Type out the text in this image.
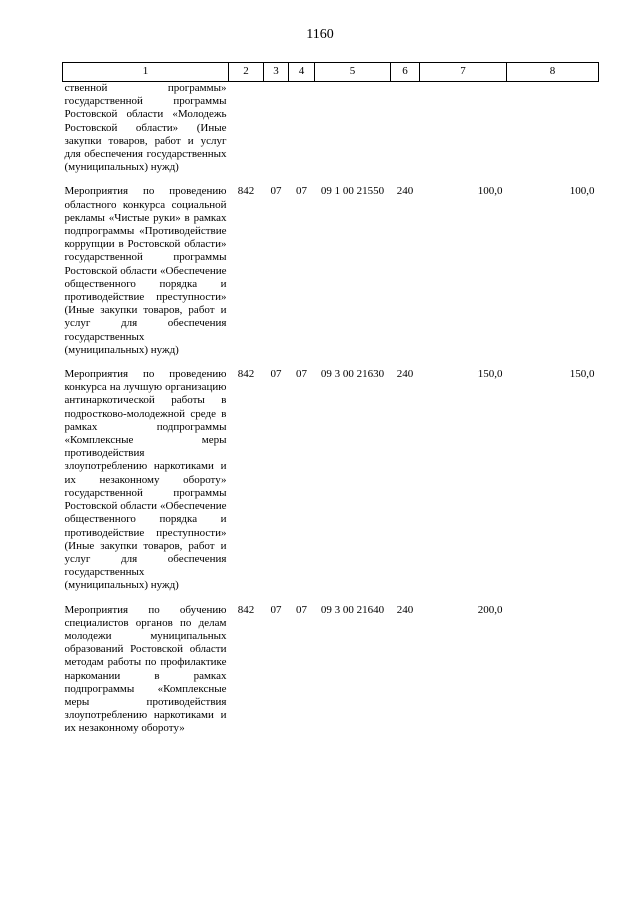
1160
1	2	3	4	5	6	7	8
ственной программы» государственной программы Ростовской области «Молодежь Ростовской области» (Иные закупки товаров, работ и услуг для обеспечения государственных (муниципальных) нужд)							
Мероприятия по проведению областного конкурса социальной рекламы «Чистые руки» в рамках подпрограммы «Противодействие коррупции в Ростовской области» государственной программы Ростовской области «Обеспечение общественного порядка и противодействие преступности» (Иные закупки товаров, работ и услуг для обеспечения государственных (муниципальных) нужд)	842	07	07	09 1 00 21550	240	100,0	100,0
Мероприятия по проведению конкурса на лучшую организацию антинаркотической работы в подростково-молодежной среде в рамках подпрограммы «Комплексные меры противодействия злоупотреблению наркотиками и их незаконному обороту» государственной программы Ростовской области «Обеспечение общественного порядка и противодействие преступности» (Иные закупки товаров, работ и услуг для обеспечения государственных (муниципальных) нужд)	842	07	07	09 3 00 21630	240	150,0	150,0
Мероприятия по обучению специалистов органов по делам молодежи муниципальных образований Ростовской области методам работы по профилактике наркомании в рамках подпрограммы «Комплексные меры противодействия злоупотреблению наркотиками и их незаконному обороту»	842	07	07	09 3 00 21640	240	200,0	
